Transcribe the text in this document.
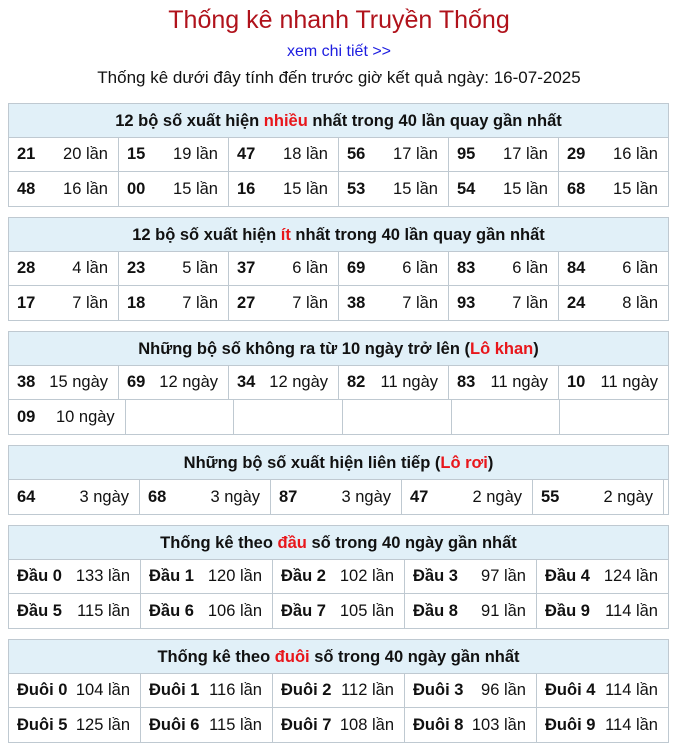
Thống kê nhanh Truyền Thống
xem chi tiết >>
Thống kê dưới đây tính đến trước giờ kết quả ngày: 16-07-2025
12 bộ số xuất hiện nhiều nhất trong 40 lần quay gần nhất
21 20 lần	15 19 lần	47 18 lần	56 17 lần	95 17 lần	29 16 lần
48 16 lần	00 15 lần	16 15 lần	53 15 lần	54 15 lần	68 15 lần
12 bộ số xuất hiện ít nhất trong 40 lần quay gần nhất
28 4 lần	23 5 lần	37 6 lần	69 6 lần	83 6 lần	84 6 lần
17 7 lần	18 7 lần	27 7 lần	38 7 lần	93 7 lần	24 8 lần
Những bộ số không ra từ 10 ngày trở lên (Lô khan)
38 15 ngày	69 12 ngày	34 12 ngày	82 11 ngày	83 11 ngày	10 11 ngày
09 10 ngày
Những bộ số xuất hiện liên tiếp (Lô rơi)
64	3 ngày	68	3 ngày	87	3 ngày	47	2 ngày	55	2 ngày
Thống kê theo đầu số trong 40 ngày gần nhất
Đầu 0 133 lần	Đầu 1 120 lần	Đầu 2 102 lần	Đầu 3 97 lần	Đầu 4 124 lần
Đầu 5 115 lần	Đầu 6 106 lần	Đầu 7 105 lần	Đầu 8 91 lần	Đầu 9 114 lần
Thống kê theo đuôi số trong 40 ngày gần nhất
Đuôi 0 104 lần	Đuôi 1 116 lần	Đuôi 2 112 lần	Đuôi 3 96 lần	Đuôi 4 114 lần
Đuôi 5 125 lần	Đuôi 6 115 lần	Đuôi 7 108 lần	Đuôi 8 103 lần	Đuôi 9 114 lần
